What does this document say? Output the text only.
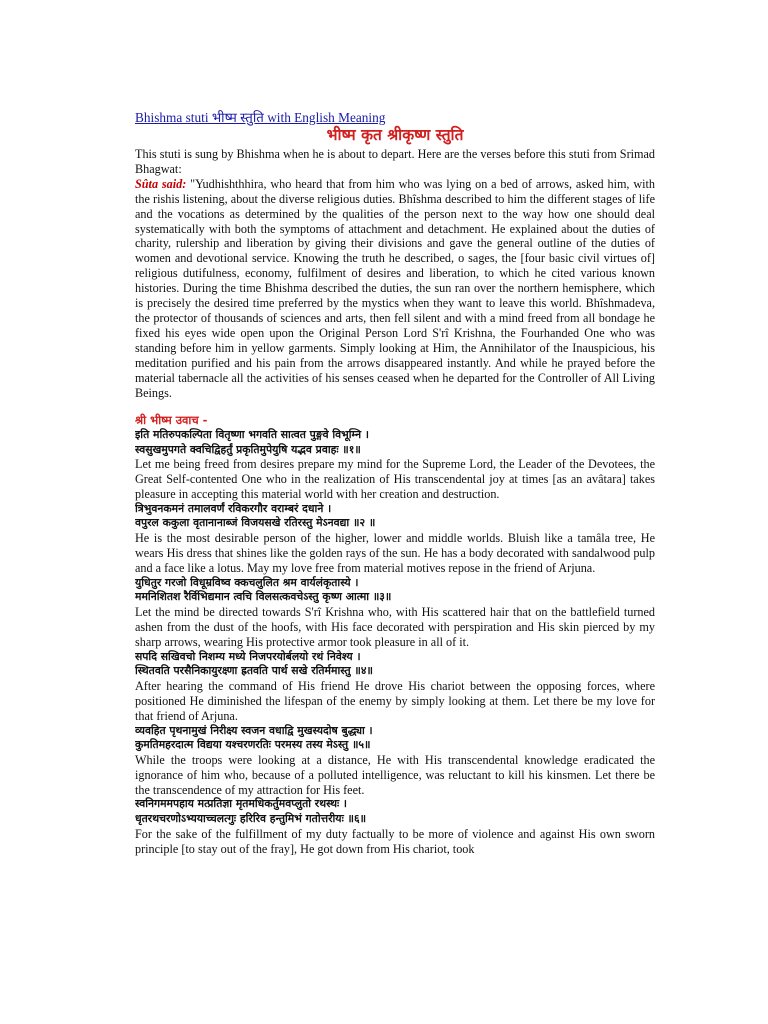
Bhishma stuti भीष्म स्तुति with English Meaning

भीष्म कृत श्रीकृष्ण स्तुति

This stuti is sung by Bhishma when he is about to depart. Here are the verses before this stuti from Srimad Bhagwat:

Sûta said: "Yudhishthhira, who heard that from him who was lying on a bed of arrows, asked him, with the rishis listening, about the diverse religious duties. Bhîshma described to him the different stages of life and the vocations as determined by the qualities of the person next to the way how one should deal systematically with both the symptoms of attachment and detachment. He explained about the duties of charity, rulership and liberation by giving their divisions and gave the general outline of the duties of women and devotional service. Knowing the truth he described, o sages, the [four basic civil virtues of] religious dutifulness, economy, fulfilment of desires and liberation, to which he cited various known histories. During the time Bhishma described the duties, the sun ran over the northern hemisphere, which is precisely the desired time preferred by the mystics when they want to leave this world. Bhîshmadeva, the protector of thousands of sciences and arts, then fell silent and with a mind freed from all bondage he fixed his eyes wide open upon the Original Person Lord S'rî Krishna, the Fourhanded One who was standing before him in yellow garments. Simply looking at Him, the Annihilator of the Inauspicious, his meditation purified and his pain from the arrows disappeared instantly. And while he prayed before the material tabernacle all the activities of his senses ceased when he departed for the Controller of All Living Beings.

श्री भीष्म उवाच -
इति मतिरुपकल्पिता वितृष्णा भगवति सात्वत पुङ्गवे विभूम्नि ।
स्वसुखमुपगते क्वचिद्विहर्तुं प्रकृतिमुपेयुषि यद्भव प्रवाहः ॥१॥

Let me being freed from desires prepare my mind for the Supreme Lord, the Leader of the Devotees, the Great Self-contented One who in the realization of His transcendental joy at times [as an avâtara] takes pleasure in accepting this material world with her creation and destruction.

त्रिभुवनकमनं तमालवर्णं रविकरगौर वराम्बरं दधाने ।
वपुरल ककुला वृतानानाब्जं विजयसखे रतिरस्तु मेऽनवद्या ॥२ ॥

He is the most desirable person of the higher, lower and middle worlds. Bluish like a tamâla tree, He wears His dress that shines like the golden rays of the sun. He has a body decorated with sandalwood pulp and a face like a lotus. May my love free from material motives repose in the friend of Arjuna.

युधितुर गरजो विधूम्रविष्व क्कचलुलित श्रम वार्यलंकृतास्ये ।
ममनिशितश रैर्विभिद्यमान त्वचि विलसत्कवचेऽस्तु कृष्ण आत्मा ॥३॥

Let the mind be directed towards S'rî Krishna who, with His scattered hair that on the battlefield turned ashen from the dust of the hoofs, with His face decorated with perspiration and His skin pierced by my sharp arrows, wearing His protective armor took pleasure in all of it.

सपदि सखिवचो निशम्य मध्ये निजपरयोर्बलयो रथं निवेश्य ।
स्थितवति परसैनिकायुरक्ष्णा ह्रतवति पार्थ सखे रतिर्ममास्तु ॥४॥

After hearing the command of His friend He drove His chariot between the opposing forces, where positioned He diminished the lifespan of the enemy by simply looking at them. Let there be my love for that friend of Arjuna.

व्यवहित पृथनामुखं निरीक्ष्य स्वजन वधाद्वि मुखस्यदोष बुद्ध्या ।
कुमतिमहरदात्म विद्यया यश्चरणरतिः परमस्य तस्य मेऽस्तु ॥५॥

While the troops were looking at a distance, He with His transcendental knowledge eradicated the ignorance of him who, because of a polluted intelligence, was reluctant to kill his kinsmen. Let there be the transcendence of my attraction for His feet.

स्वनिगममपहाय मत्प्रतिज्ञा मृतमधिकर्तुमवप्लुतो रथस्थः ।
धृतरथचरणोऽभ्ययाच्चलत्गुः हरिरिव हन्तुमिभं गतोत्तरीयः ॥६॥

For the sake of the fulfillment of my duty factually to be more of violence and against His own sworn principle [to stay out of the fray], He got down from His chariot, took
